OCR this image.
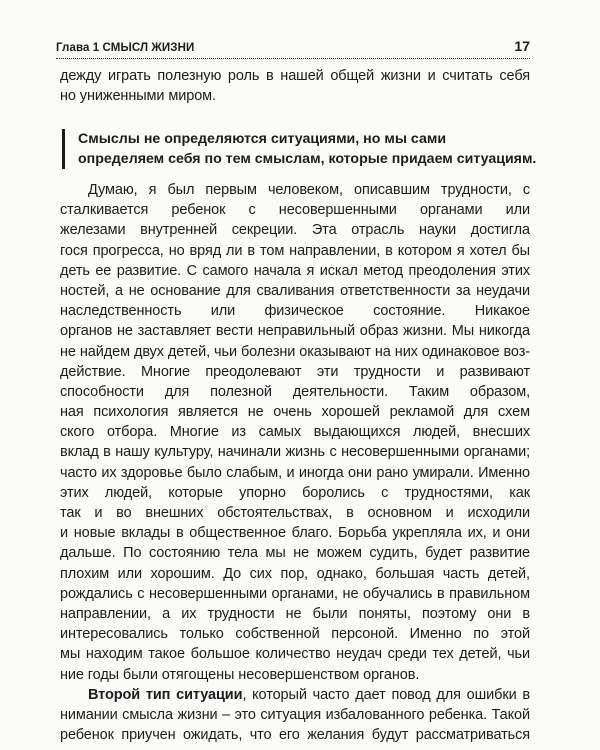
Глава 1 СМЫСЛ ЖИЗНИ	17
дежду играть полезную роль в нашей общей жизни и считать себя
но униженными миром.
Смыслы не определяются ситуациями, но мы сами
определяем себя по тем смыслам, которые придаем ситуациям.
Думаю, я был первым человеком, описавшим трудности, с
сталкивается ребенок с несовершенными органами или
железами внутренней секреции. Эта отрасль науки достигла
гося прогресса, но вряд ли в том направлении, в котором я хотел бы
деть ее развитие. С самого начала я искал метод преодоления этих
ностей, а не основание для сваливания ответственности за неудачи
наследственность или физическое состояние. Никакое
органов не заставляет вести неправильный образ жизни. Мы никогда
не найдем двух детей, чьи болезни оказывают на них одинаковое воз-
действие. Многие преодолевают эти трудности и развивают
способности для полезной деятельности. Таким образом,
ная психология является не очень хорошей рекламой для схем
ского отбора. Многие из самых выдающихся людей, внесших
вклад в нашу культуру, начинали жизнь с несовершенными органами;
часто их здоровье было слабым, и иногда они рано умирали. Именно
этих людей, которые упорно боролись с трудностями, как
так и во внешних обстоятельствах, в основном и исходили
и новые вклады в общественное благо. Борьба укрепляла их, и они
дальше. По состоянию тела мы не можем судить, будет развитие
плохим или хорошим. До сих пор, однако, большая часть детей,
рождались с несовершенными органами, не обучались в правильном
направлении, а их трудности не были поняты, поэтому они в
интересовались только собственной персоной. Именно по этой
мы находим такое большое количество неудач среди тех детей, чьи
ние годы были отягощены несовершенством органов.
Второй тип ситуации, который часто дает повод для ошибки в
нимании смысла жизни – это ситуация избалованного ребенка. Такой
ребенок приучен ожидать, что его желания будут рассматриваться
